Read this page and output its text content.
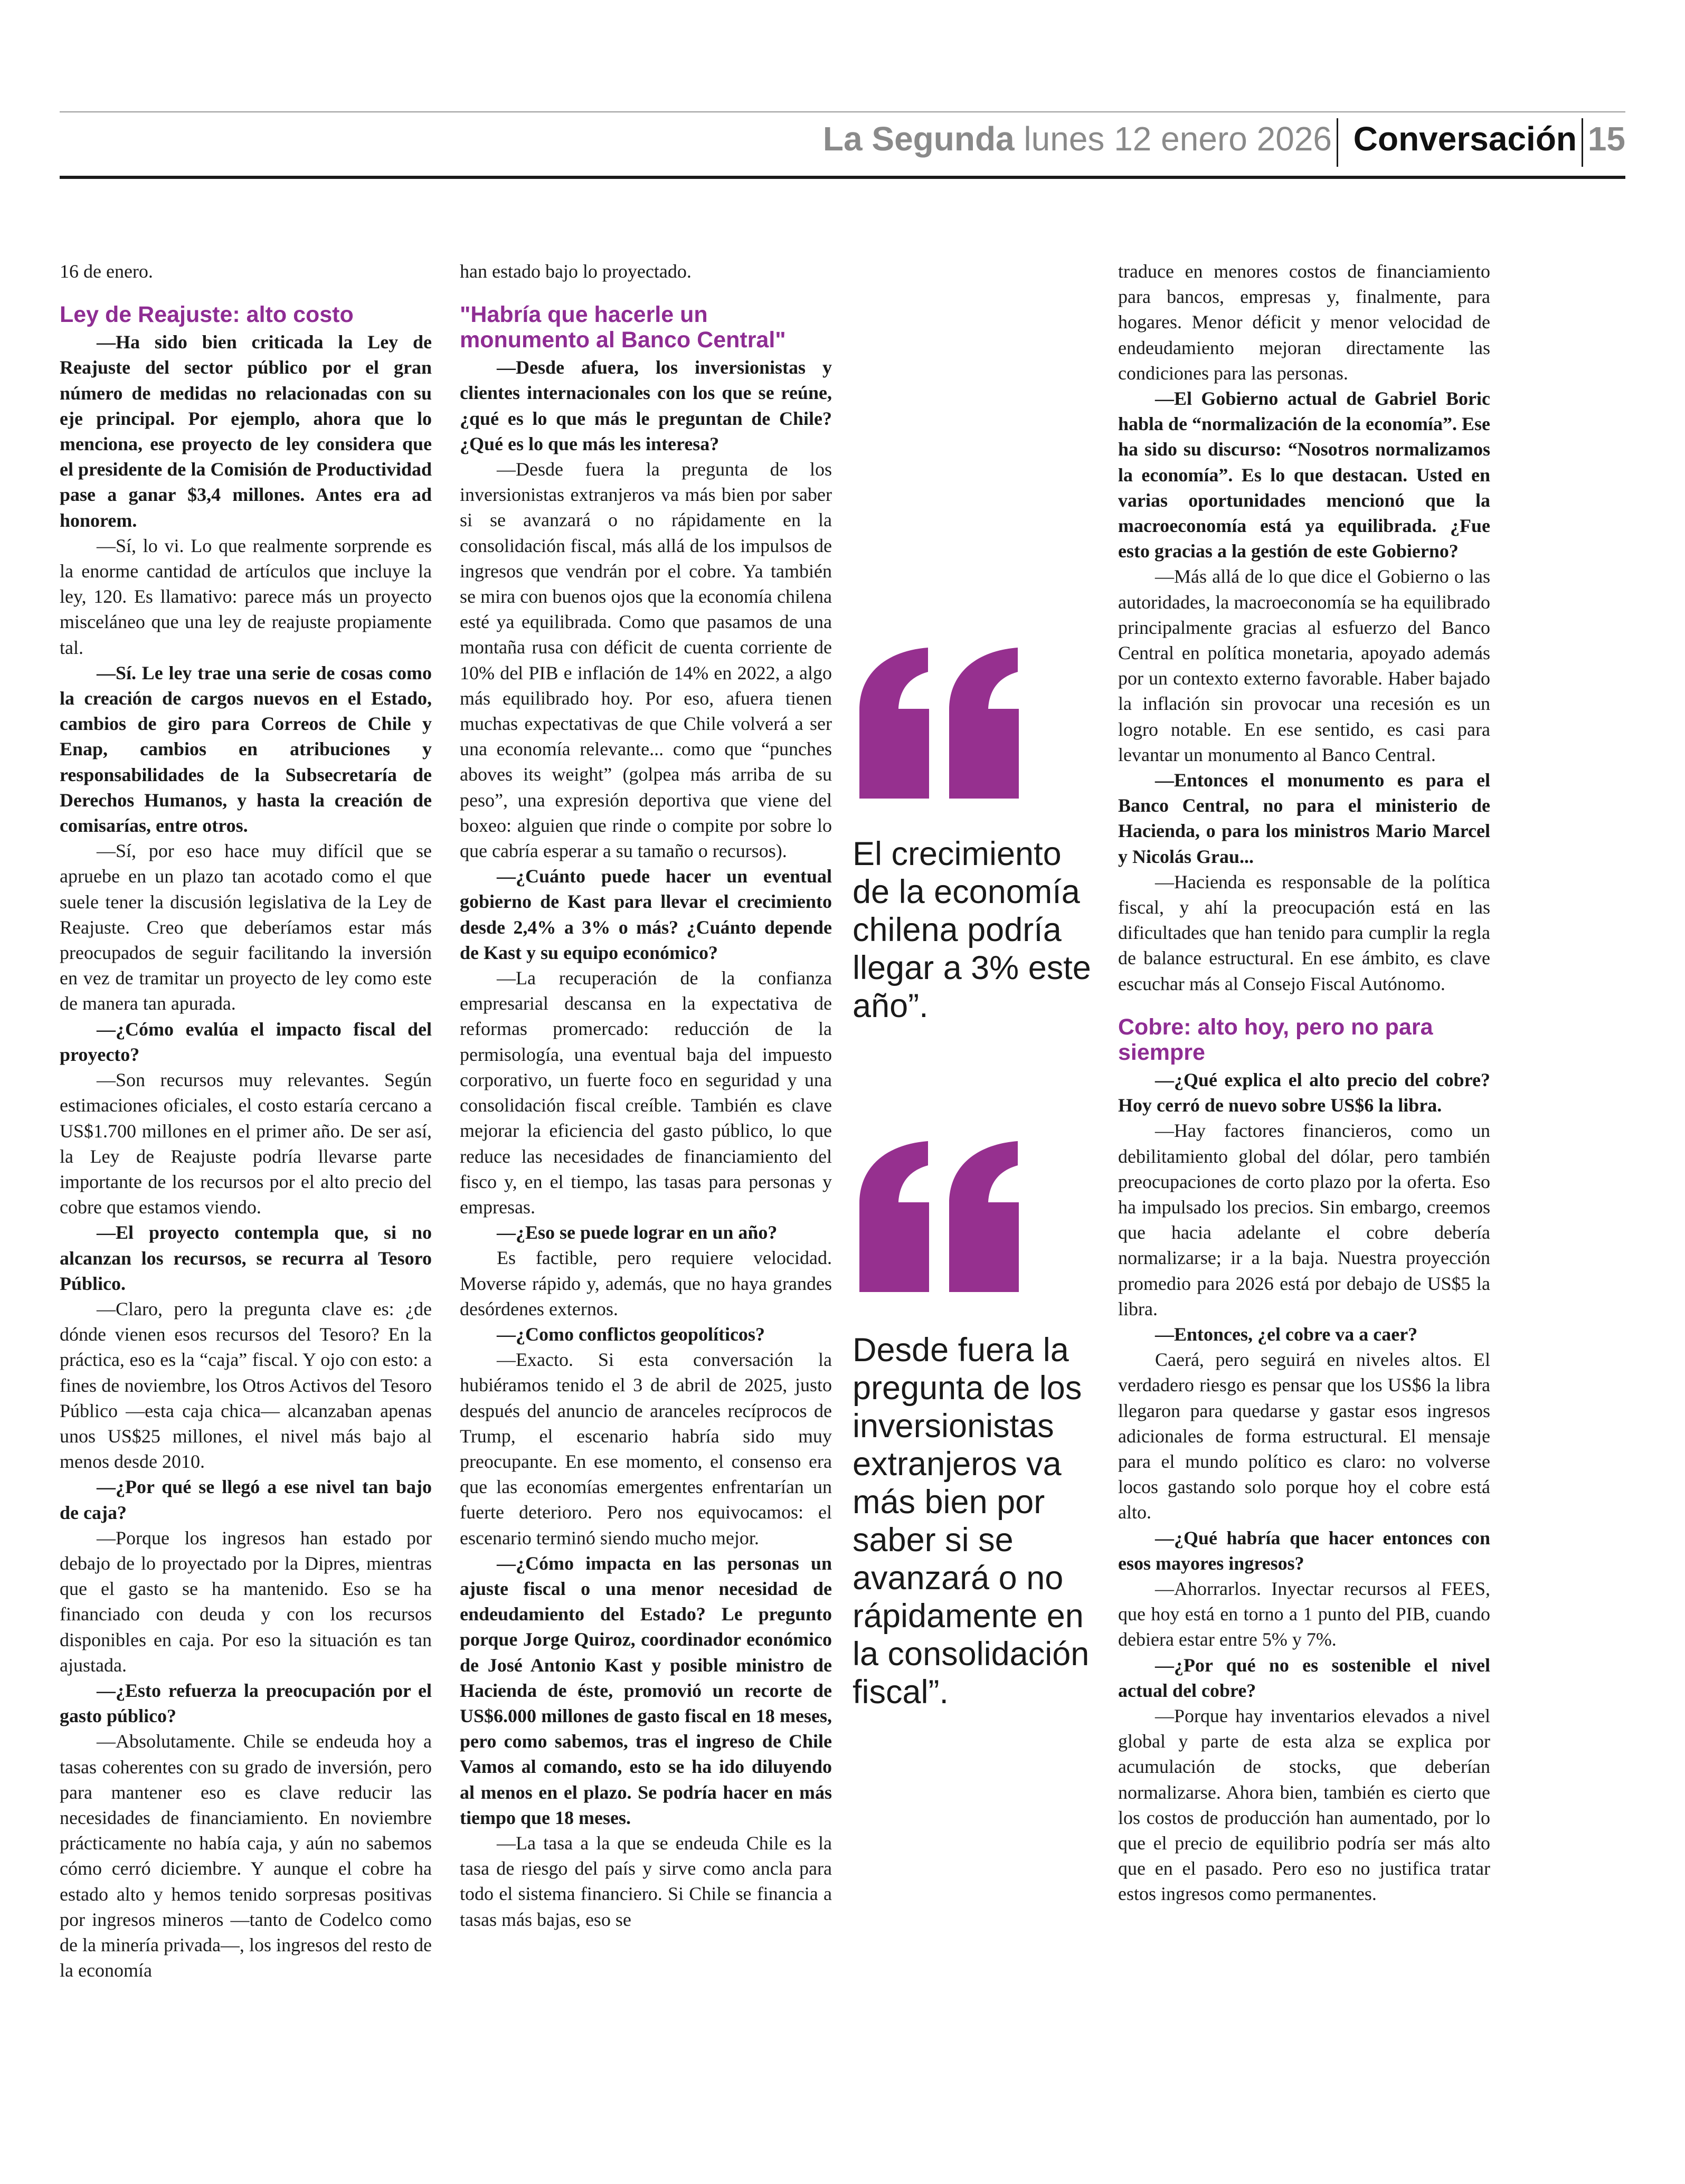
La Segunda lunes 12 enero 2026 Conversación 15

16 de enero.

Ley de Reajuste: alto costo

—Ha sido bien criticada la Ley de Reajuste del sector público por el gran número de medidas no relacionadas con su eje principal. Por ejemplo, ahora que lo menciona, ese proyecto de ley considera que el presidente de la Comisión de Productividad pase a ganar $3,4 millones. Antes era ad honorem.

—Sí, lo vi. Lo que realmente sorprende es la enorme cantidad de artículos que incluye la ley, 120. Es llamativo: parece más un proyecto misceláneo que una ley de reajuste propiamente tal.

—Sí. Le ley trae una serie de cosas como la creación de cargos nuevos en el Estado, cambios de giro para Correos de Chile y Enap, cambios en atribuciones y responsabilidades de la Subsecretaría de Derechos Humanos, y hasta la creación de comisarías, entre otros.

—Sí, por eso hace muy difícil que se apruebe en un plazo tan acotado como el que suele tener la discusión legislativa de la Ley de Reajuste. Creo que deberíamos estar más preocupados de seguir facilitando la inversión en vez de tramitar un proyecto de ley como este de manera tan apurada.

—¿Cómo evalúa el impacto fiscal del proyecto?

—Son recursos muy relevantes. Según estimaciones oficiales, el costo estaría cercano a US$1.700 millones en el primer año. De ser así, la Ley de Reajuste podría llevarse parte importante de los recursos por el alto precio del cobre que estamos viendo.

—El proyecto contempla que, si no alcanzan los recursos, se recurra al Tesoro Público.

—Claro, pero la pregunta clave es: ¿de dónde vienen esos recursos del Tesoro? En la práctica, eso es la “caja” fiscal. Y ojo con esto: a fines de noviembre, los Otros Activos del Tesoro Público —esta caja chica— alcanzaban apenas unos US$25 millones, el nivel más bajo al menos desde 2010.

—¿Por qué se llegó a ese nivel tan bajo de caja?

—Porque los ingresos han estado por debajo de lo proyectado por la Dipres, mientras que el gasto se ha mantenido. Eso se ha financiado con deuda y con los recursos disponibles en caja. Por eso la situación es tan ajustada.

—¿Esto refuerza la preocupación por el gasto público?

—Absolutamente. Chile se endeuda hoy a tasas coherentes con su grado de inversión, pero para mantener eso es clave reducir las necesidades de financiamiento. En noviembre prácticamente no había caja, y aún no sabemos cómo cerró diciembre. Y aunque el cobre ha estado alto y hemos tenido sorpresas positivas por ingresos mineros —tanto de Codelco como de la minería privada—, los ingresos del resto de la economía

han estado bajo lo proyectado.

"Habría que hacerle un monumento al Banco Central"

—Desde afuera, los inversionistas y clientes internacionales con los que se reúne, ¿qué es lo que más le preguntan de Chile? ¿Qué es lo que más les interesa?

—Desde fuera la pregunta de los inversionistas extranjeros va más bien por saber si se avanzará o no rápidamente en la consolidación fiscal, más allá de los impulsos de ingresos que vendrán por el cobre. Ya también se mira con buenos ojos que la economía chilena esté ya equilibrada. Como que pasamos de una montaña rusa con déficit de cuenta corriente de 10% del PIB e inflación de 14% en 2022, a algo más equilibrado hoy. Por eso, afuera tienen muchas expectativas de que Chile volverá a ser una economía relevante... como que “punches aboves its weight” (golpea más arriba de su peso”, una expresión deportiva que viene del boxeo: alguien que rinde o compite por sobre lo que cabría esperar a su tamaño o recursos).

—¿Cuánto puede hacer un eventual gobierno de Kast para llevar el crecimiento desde 2,4% a 3% o más? ¿Cuánto depende de Kast y su equipo económico?

—La recuperación de la confianza empresarial descansa en la expectativa de reformas promercado: reducción de la permisología, una eventual baja del impuesto corporativo, un fuerte foco en seguridad y una consolidación fiscal creíble. También es clave mejorar la eficiencia del gasto público, lo que reduce las necesidades de financiamiento del fisco y, en el tiempo, las tasas para personas y empresas.

—¿Eso se puede lograr en un año?

Es factible, pero requiere velocidad. Moverse rápido y, además, que no haya grandes desórdenes externos.

—¿Como conflictos geopolíticos?

—Exacto. Si esta conversación la hubiéramos tenido el 3 de abril de 2025, justo después del anuncio de aranceles recíprocos de Trump, el escenario habría sido muy preocupante. En ese momento, el consenso era que las economías emergentes enfrentarían un fuerte deterioro. Pero nos equivocamos: el escenario terminó siendo mucho mejor.

—¿Cómo impacta en las personas un ajuste fiscal o una menor necesidad de endeudamiento del Estado? Le pregunto porque Jorge Quiroz, coordinador económico de José Antonio Kast y posible ministro de Hacienda de éste, promovió un recorte de US$6.000 millones de gasto fiscal en 18 meses, pero como sabemos, tras el ingreso de Chile Vamos al comando, esto se ha ido diluyendo al menos en el plazo. Se podría hacer en más tiempo que 18 meses.

—La tasa a la que se endeuda Chile es la tasa de riesgo del país y sirve como ancla para todo el sistema financiero. Si Chile se financia a tasas más bajas, eso se

El crecimiento de la economía chilena podría llegar a 3% este año”.
Desde fuera la pregunta de los inversionistas extranjeros va más bien por saber si se avanzará o no rápidamente en la consolidación fiscal”.

traduce en menores costos de financiamiento para bancos, empresas y, finalmente, para hogares. Menor déficit y menor velocidad de endeudamiento mejoran directamente las condiciones para las personas.

—El Gobierno actual de Gabriel Boric habla de “normalización de la economía”. Ese ha sido su discurso: “Nosotros normalizamos la economía”. Es lo que destacan. Usted en varias oportunidades mencionó que la macroeconomía está ya equilibrada. ¿Fue esto gracias a la gestión de este Gobierno?

—Más allá de lo que dice el Gobierno o las autoridades, la macroeconomía se ha equilibrado principalmente gracias al esfuerzo del Banco Central en política monetaria, apoyado además por un contexto externo favorable. Haber bajado la inflación sin provocar una recesión es un logro notable. En ese sentido, es casi para levantar un monumento al Banco Central.

—Entonces el monumento es para el Banco Central, no para el ministerio de Hacienda, o para los ministros Mario Marcel y Nicolás Grau...

—Hacienda es responsable de la política fiscal, y ahí la preocupación está en las dificultades que han tenido para cumplir la regla de balance estructural. En ese ámbito, es clave escuchar más al Consejo Fiscal Autónomo.

Cobre: alto hoy, pero no para siempre

—¿Qué explica el alto precio del cobre? Hoy cerró de nuevo sobre US$6 la libra.

—Hay factores financieros, como un debilitamiento global del dólar, pero también preocupaciones de corto plazo por la oferta. Eso ha impulsado los precios. Sin embargo, creemos que hacia adelante el cobre debería normalizarse; ir a la baja. Nuestra proyección promedio para 2026 está por debajo de US$5 la libra.

—Entonces, ¿el cobre va a caer?

Caerá, pero seguirá en niveles altos. El verdadero riesgo es pensar que los US$6 la libra llegaron para quedarse y gastar esos ingresos adicionales de forma estructural. El mensaje para el mundo político es claro: no volverse locos gastando solo porque hoy el cobre está alto.

—¿Qué habría que hacer entonces con esos mayores ingresos?

—Ahorrarlos. Inyectar recursos al FEES, que hoy está en torno a 1 punto del PIB, cuando debiera estar entre 5% y 7%.

—¿Por qué no es sostenible el nivel actual del cobre?

—Porque hay inventarios elevados a nivel global y parte de esta alza se explica por acumulación de stocks, que deberían normalizarse. Ahora bien, también es cierto que los costos de producción han aumentado, por lo que el precio de equilibrio podría ser más alto que en el pasado. Pero eso no justifica tratar estos ingresos como permanentes.
